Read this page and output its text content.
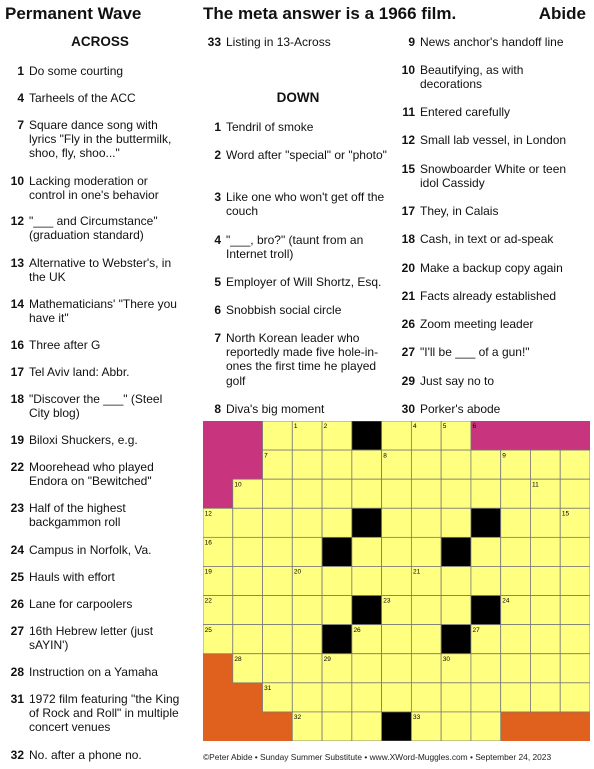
Permanent Wave	The meta answer is a 1966 film.	Abide
ACROSS
DOWN
1 Do some courting
4 Tarheels of the ACC
7 Square dance song with lyrics "Fly in the buttermilk, shoo, fly, shoo..."
10 Lacking moderation or control in one's behavior
12 "___ and Circumstance" (graduation standard)
13 Alternative to Webster's, in the UK
14 Mathematicians' "There you have it"
16 Three after G
17 Tel Aviv land: Abbr.
18 "Discover the ___" (Steel City blog)
19 Biloxi Shuckers, e.g.
22 Moorehead who played Endora on "Bewitched"
23 Half of the highest backgammon roll
24 Campus in Norfolk, Va.
25 Hauls with effort
26 Lane for carpoolers
27 16th Hebrew letter (just sAYIN')
28 Instruction on a Yamaha
31 1972 film featuring "the King of Rock and Roll" in multiple concert venues
32 No. after a phone no.
33 Listing in 13-Across
1 Tendril of smoke
2 Word after "special" or "photo"
3 Like one who won't get off the couch
4 "___, bro?" (taunt from an Internet troll)
5 Employer of Will Shortz, Esq.
6 Snobbish social circle
7 North Korean leader who reportedly made five hole-in-ones the first time he played golf
8 Diva's big moment
9 News anchor's handoff line
10 Beautifying, as with decorations
11 Entered carefully
12 Small lab vessel, in London
15 Snowboarder White or teen idol Cassidy
17 They, in Calais
18 Cash, in text or ad-speak
20 Make a backup copy again
21 Facts already established
26 Zoom meeting leader
27 "I'll be ___ of a gun!"
29 Just say no to
30 Porker's abode
1	2	3	4	5	6
7	8	9
10	11
12	13	14	15
16	17	18
19	20	21
22	23	24
25	26	27
28	29	30
31
32	33
©Peter Abide • Sunday Summer Substitute • www.XWord-Muggles.com • September 24, 2023
